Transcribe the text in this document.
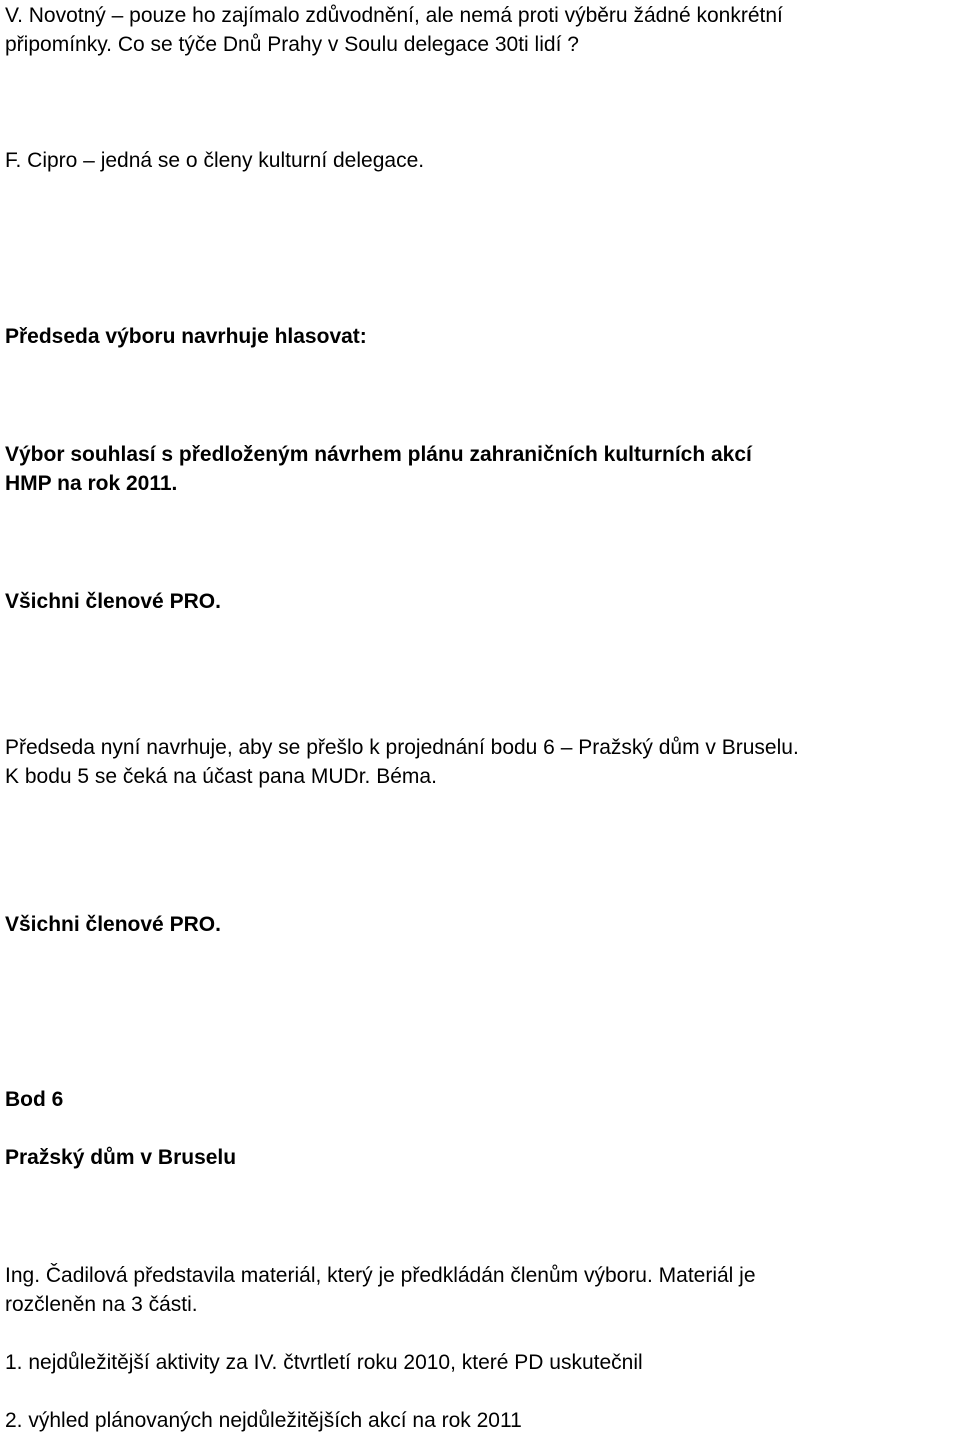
V. Novotný – pouze ho zajímalo zdůvodnění, ale nemá proti výběru žádné konkrétní
připomínky. Co se týče Dnů Prahy v Soulu delegace 30ti lidí ?

F. Cipro – jedná se o členy kulturní delegace.

Předseda výboru navrhuje hlasovat:

Výbor souhlasí s předloženým návrhem plánu zahraničních kulturních akcí
HMP na rok 2011.

Všichni členové PRO.

Předseda nyní navrhuje, aby se přešlo k projednání bodu 6 – Pražský dům v Bruselu.
K bodu 5 se čeká na účast pana MUDr. Béma.

Všichni členové PRO.

Bod 6

Pražský dům v Bruselu

Ing. Čadilová představila materiál, který je předkládán členům výboru. Materiál je
rozčleněn na 3 části.

1. nejdůležitější aktivity za IV. čtvrtletí roku 2010, které PD uskutečnil

2. výhled plánovaných nejdůležitějších akcí na rok 2011
